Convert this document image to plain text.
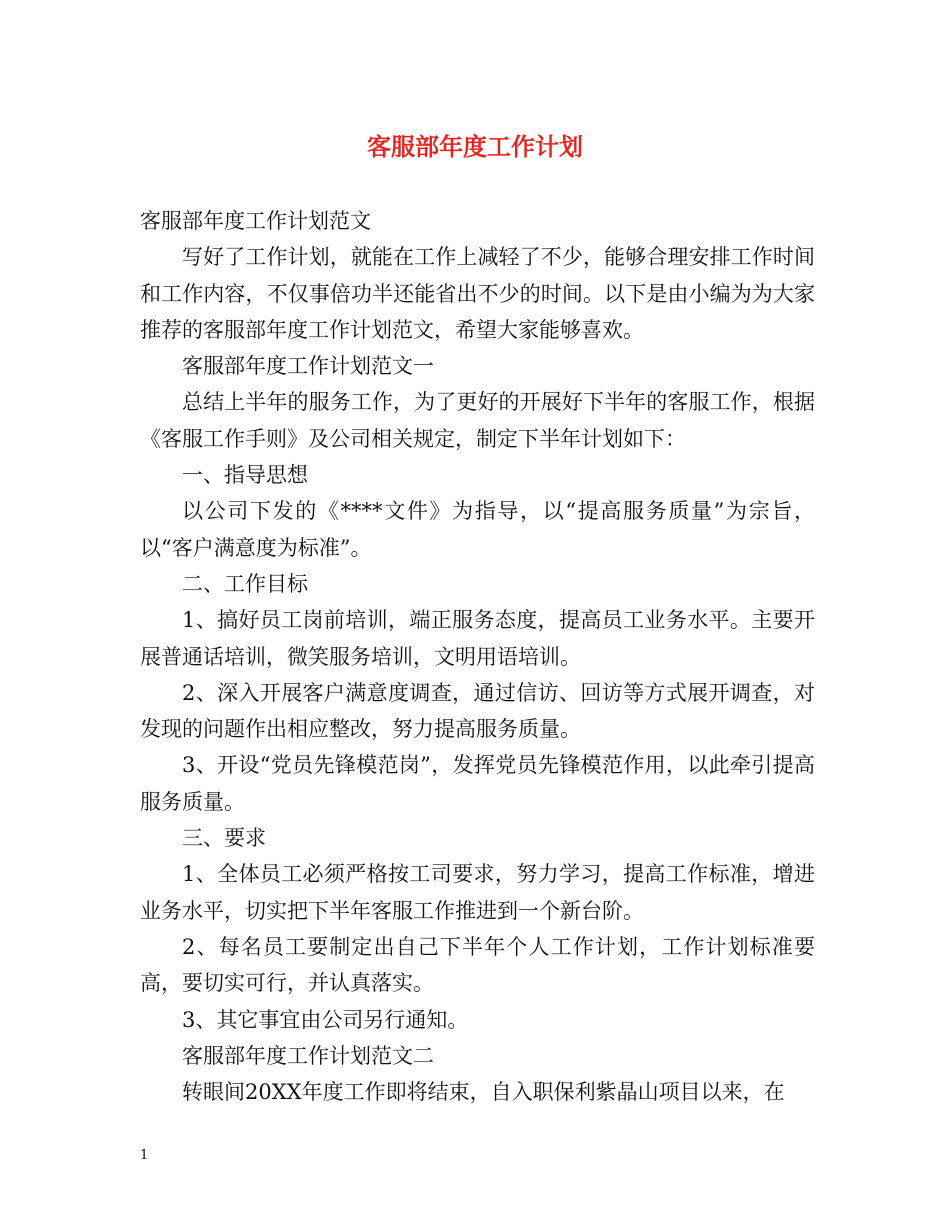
客服部年度工作计划

客服部年度工作计划范文

写好了工作计划，就能在工作上减轻了不少，能够合理安排工作时间和工作内容，不仅事倍功半还能省出不少的时间。以下是由小编为为大家推荐的客服部年度工作计划范文，希望大家能够喜欢。

客服部年度工作计划范文一

总结上半年的服务工作，为了更好的开展好下半年的客服工作，根据《客服工作手则》及公司相关规定，制定下半年计划如下：

一、指导思想

以公司下发的《****文件》为指导，以“提高服务质量”为宗旨，以“客户满意度为标准”。

二、工作目标

1、搞好员工岗前培训，端正服务态度，提高员工业务水平。主要开展普通话培训，微笑服务培训，文明用语培训。

2、深入开展客户满意度调查，通过信访、回访等方式展开调查，对发现的问题作出相应整改，努力提高服务质量。

3、开设“党员先锋模范岗”，发挥党员先锋模范作用，以此牵引提高服务质量。

三、要求

1、全体员工必须严格按工司要求，努力学习，提高工作标准，增进业务水平，切实把下半年客服工作推进到一个新台阶。

2、每名员工要制定出自己下半年个人工作计划，工作计划标准要高，要切实可行，并认真落实。

3、其它事宜由公司另行通知。

客服部年度工作计划范文二

转眼间20XX年度工作即将结束，自入职保利紫晶山项目以来，在

1
